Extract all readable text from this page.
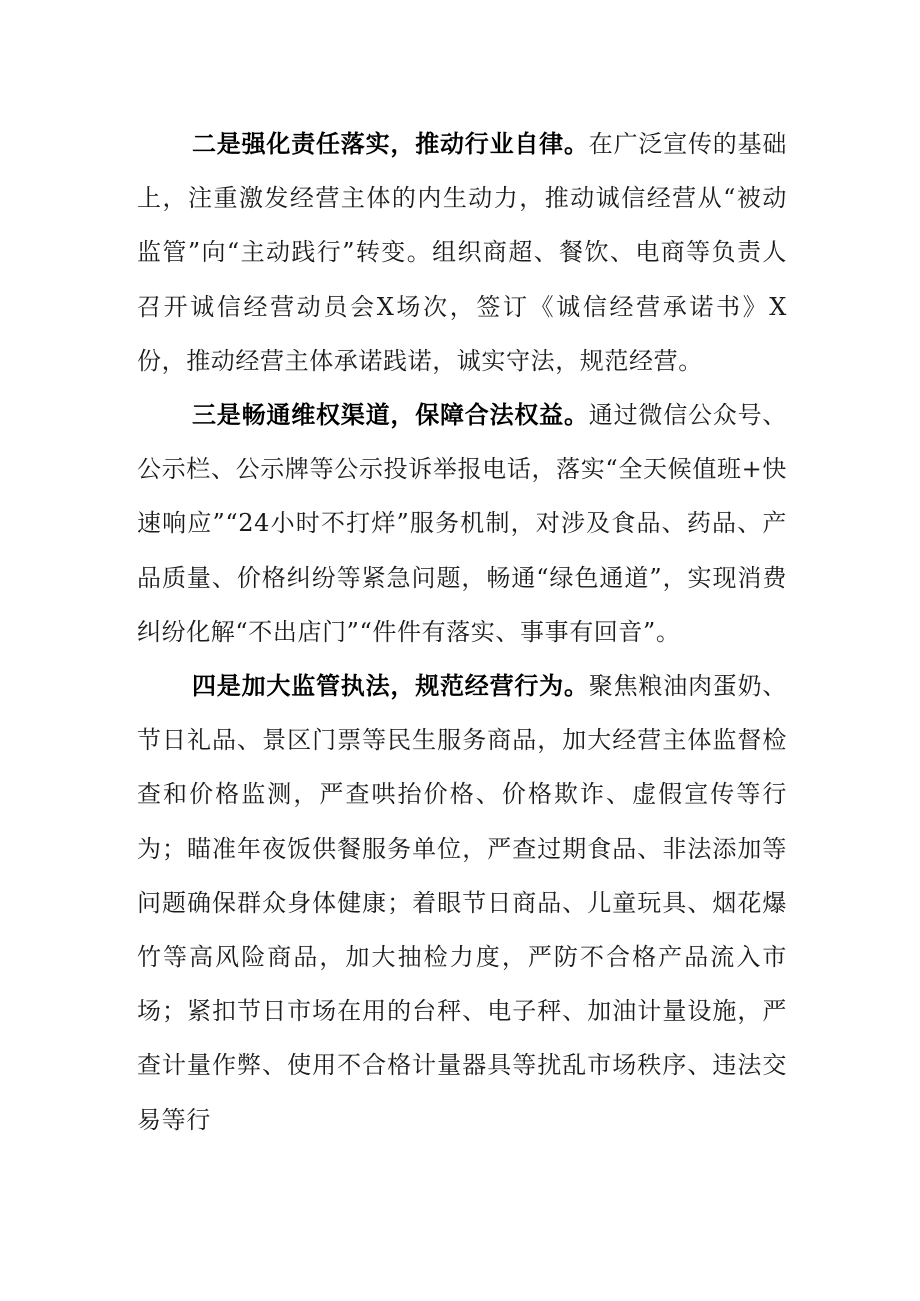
二是强化责任落实，推动行业自律。在广泛宣传的基础上，注重激发经营主体的内生动力，推动诚信经营从“被动监管”向“主动践行”转变。组织商超、餐饮、电商等负责人召开诚信经营动员会X场次，签订《诚信经营承诺书》X份，推动经营主体承诺践诺，诚实守法，规范经营。

三是畅通维权渠道，保障合法权益。通过微信公众号、公示栏、公示牌等公示投诉举报电话，落实“全天候值班+快速响应”“24小时不打烊”服务机制，对涉及食品、药品、产品质量、价格纠纷等紧急问题，畅通“绿色通道”，实现消费纠纷化解“不出店门”“件件有落实、事事有回音”。

四是加大监管执法，规范经营行为。聚焦粮油肉蛋奶、节日礼品、景区门票等民生服务商品，加大经营主体监督检查和价格监测，严查哄抬价格、价格欺诈、虚假宣传等行为；瞄准年夜饭供餐服务单位，严查过期食品、非法添加等问题确保群众身体健康；着眼节日商品、儿童玩具、烟花爆竹等高风险商品，加大抽检力度，严防不合格产品流入市场；紧扣节日市场在用的台秤、电子秤、加油计量设施，严查计量作弊、使用不合格计量器具等扰乱市场秩序、违法交易等行
